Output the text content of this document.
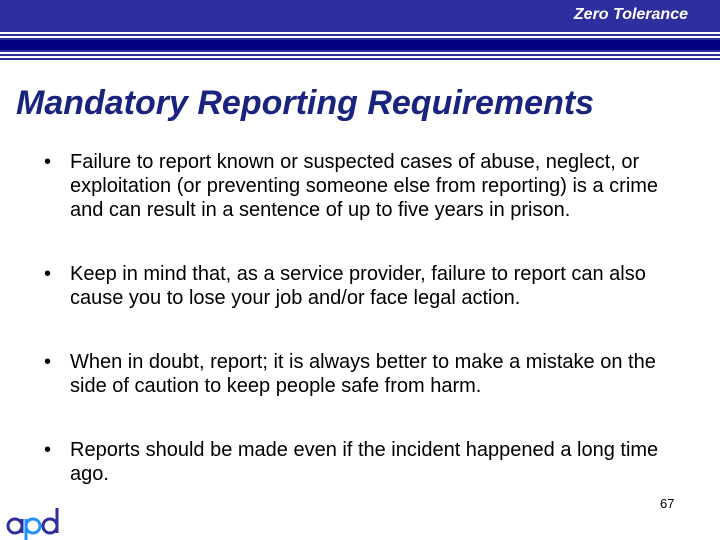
Zero Tolerance
Mandatory Reporting Requirements
• Failure to report known or suspected cases of abuse, neglect, or exploitation (or preventing someone else from reporting) is a crime and can result in a sentence of up to five years in prison.
• Keep in mind that, as a service provider, failure to report can also cause you to lose your job and/or face legal action.
• When in doubt, report; it is always better to make a mistake on the side of caution to keep people safe from harm.
• Reports should be made even if the incident happened a long time ago.
67
